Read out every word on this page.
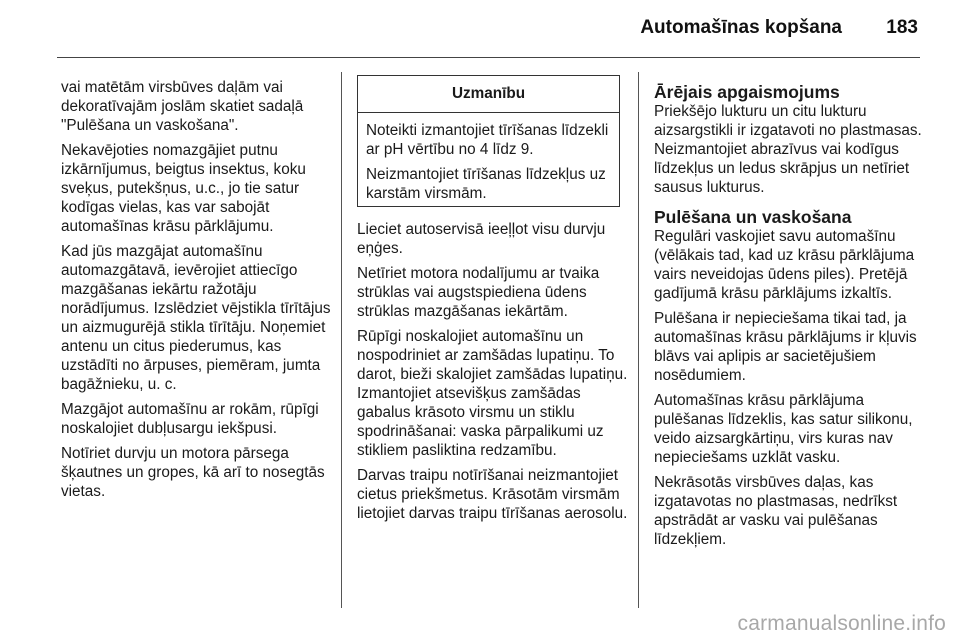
Automašīnas kopšana 183

vai matētām virsbūves daļām vai dekoratīvajām joslām skatiet sadaļā "Pulēšana un vaskošana".

Nekavējoties nomazgājiet putnu izkārnījumus, beigtus insektus, koku sveķus, putekšņus, u.c., jo tie satur kodīgas vielas, kas var sabojāt automašīnas krāsu pārklājumu.

Kad jūs mazgājat automašīnu automazgātavā, ievērojiet attiecīgo mazgāšanas iekārtu ražotāju norādījumus. Izslēdziet vējstikla tīrītājus un aizmugurējā stikla tīrītāju. Noņemiet antenu un citus piederumus, kas uzstādīti no ārpuses, piemēram, jumta bagāžnieku, u. c.

Mazgājot automašīnu ar rokām, rūpīgi noskalojiet dubļusargu iekšpusi.

Notīriet durvju un motora pārsega šķautnes un gropes, kā arī to nosegtās vietas.

Uzmanību

Noteikti izmantojiet tīrīšanas līdzekli ar pH vērtību no 4 līdz 9.

Neizmantojiet tīrīšanas līdzekļus uz karstām virsmām.

Lieciet autoservisā ieeļļot visu durvju eņģes.

Netīriet motora nodalījumu ar tvaika strūklas vai augstspiediena ūdens strūklas mazgāšanas iekārtām.

Rūpīgi noskalojiet automašīnu un nospodriniet ar zamšādas lupatiņu. To darot, bieži skalojiet zamšādas lupatiņu. Izmantojiet atsevišķus zamšādas gabalus krāsoto virsmu un stiklu spodrināšanai: vaska pārpalikumi uz stikliem pasliktina redzamību.

Darvas traipu notīrīšanai neizmantojiet cietus priekšmetus. Krāsotām virsmām lietojiet darvas traipu tīrīšanas aerosolu.

Ārējais apgaismojums

Priekšējo lukturu un citu lukturu aizsargstikli ir izgatavoti no plastmasas. Neizmantojiet abrazīvus vai kodīgus līdzekļus un ledus skrāpjus un netīriet sausus lukturus.

Pulēšana un vaskošana

Regulāri vaskojiet savu automašīnu (vēlākais tad, kad uz krāsu pārklājuma vairs neveidojas ūdens piles). Pretējā gadījumā krāsu pārklājums izkaltīs.

Pulēšana ir nepieciešama tikai tad, ja automašīnas krāsu pārklājums ir kļuvis blāvs vai aplipis ar sacietējušiem nosēdumiem.

Automašīnas krāsu pārklājuma pulēšanas līdzeklis, kas satur silikonu, veido aizsargkārtiņu, virs kuras nav nepieciešams uzklāt vasku.

Nekrāsotās virsbūves daļas, kas izgatavotas no plastmasas, nedrīkst apstrādāt ar vasku vai pulēšanas līdzekļiem.

carmanualsonline.info
